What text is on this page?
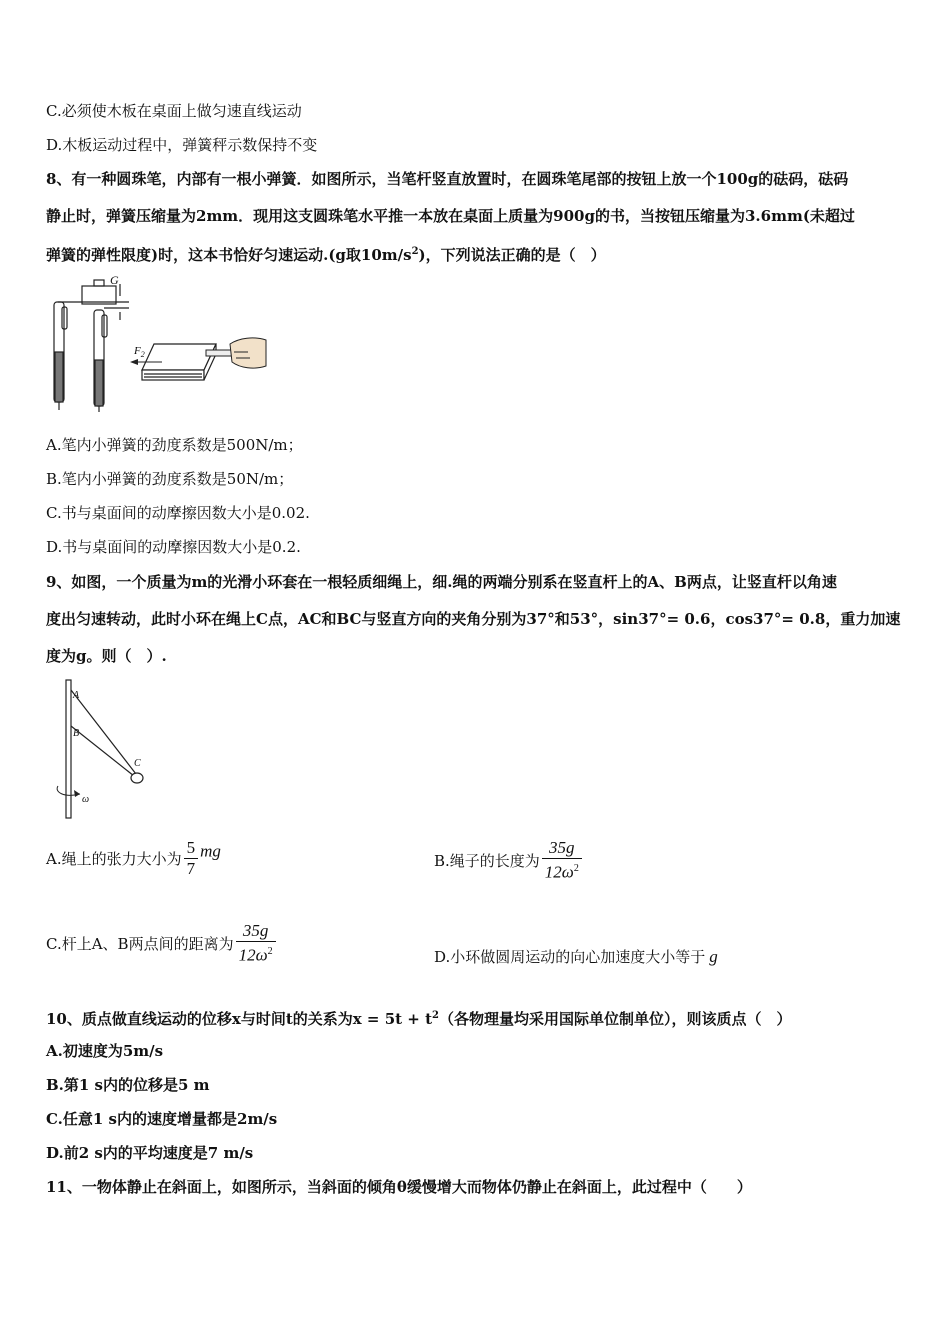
C.必须使木板在桌面上做匀速直线运动
D.木板运动过程中，弹簧秤示数保持不变
8、有一种圆珠笔，内部有一根小弹簧．如图所示，当笔杆竖直放置时，在圆珠笔尾部的按钮上放一个100g的砝码，砝码
静止时，弹簧压缩量为2mm．现用这支圆珠笔水平推一本放在桌面上质量为900g的书，当按钮压缩量为3.6mm(未超过
弹簧的弹性限度)时，这本书恰好匀速运动.(g取$10m/s^2$)，下列说法正确的是（　）
G
$F_2$
A.笔内小弹簧的劲度系数是500N/m；
B.笔内小弹簧的劲度系数是50N/m；
C.书与桌面间的动摩擦因数大小是0.02.
D.书与桌面间的动摩擦因数大小是0.2.
9、如图，一个质量为m的光滑小环套在一根轻质细绳上，细.绳的两端分别系在竖直杆上的A、B两点，让竖直杆以角速
度出匀速转动，此时小环在绳上C点，AC和BC与竖直方向的夹角分别为37°和53°，sin37°= 0.6，cos37°= 0.8，重力加速
度为g。则（　）.
A
B
C
ω
A.绳上的张力大小为 $\frac{5}{7}$ mg
B.绳子的长度为 $\frac{35g}{12\omega^2}$
C.杆上A、B两点间的距离为 $\frac{35g}{12\omega^2}$	D.小环做圆周运动的向心加速度大小等于 g
10、质点做直线运动的位移x与时间t的关系为$x = 5t + t^2$（各物理量均采用国际单位制单位），则该质点（　）
A.初速度为5m/s
B.第1 s内的位移是5 m
C.任意1 s内的速度增量都是2m/s
D.前2 s内的平均速度是7 m/s
11、一物体静止在斜面上，如图所示，当斜面的倾角θ缓慢增大而物体仍静止在斜面上，此过程中（　　）
